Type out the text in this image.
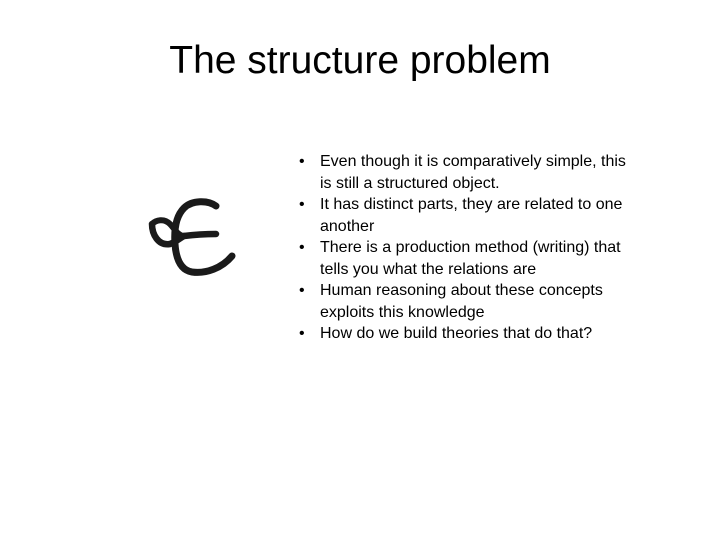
The structure problem
• Even though it is comparatively simple, this is still a structured object.
• It has distinct parts, they are related to one another
• There is a production method (writing) that tells you what the relations are
• Human reasoning about these concepts exploits this knowledge
• How do we build theories that do that?
